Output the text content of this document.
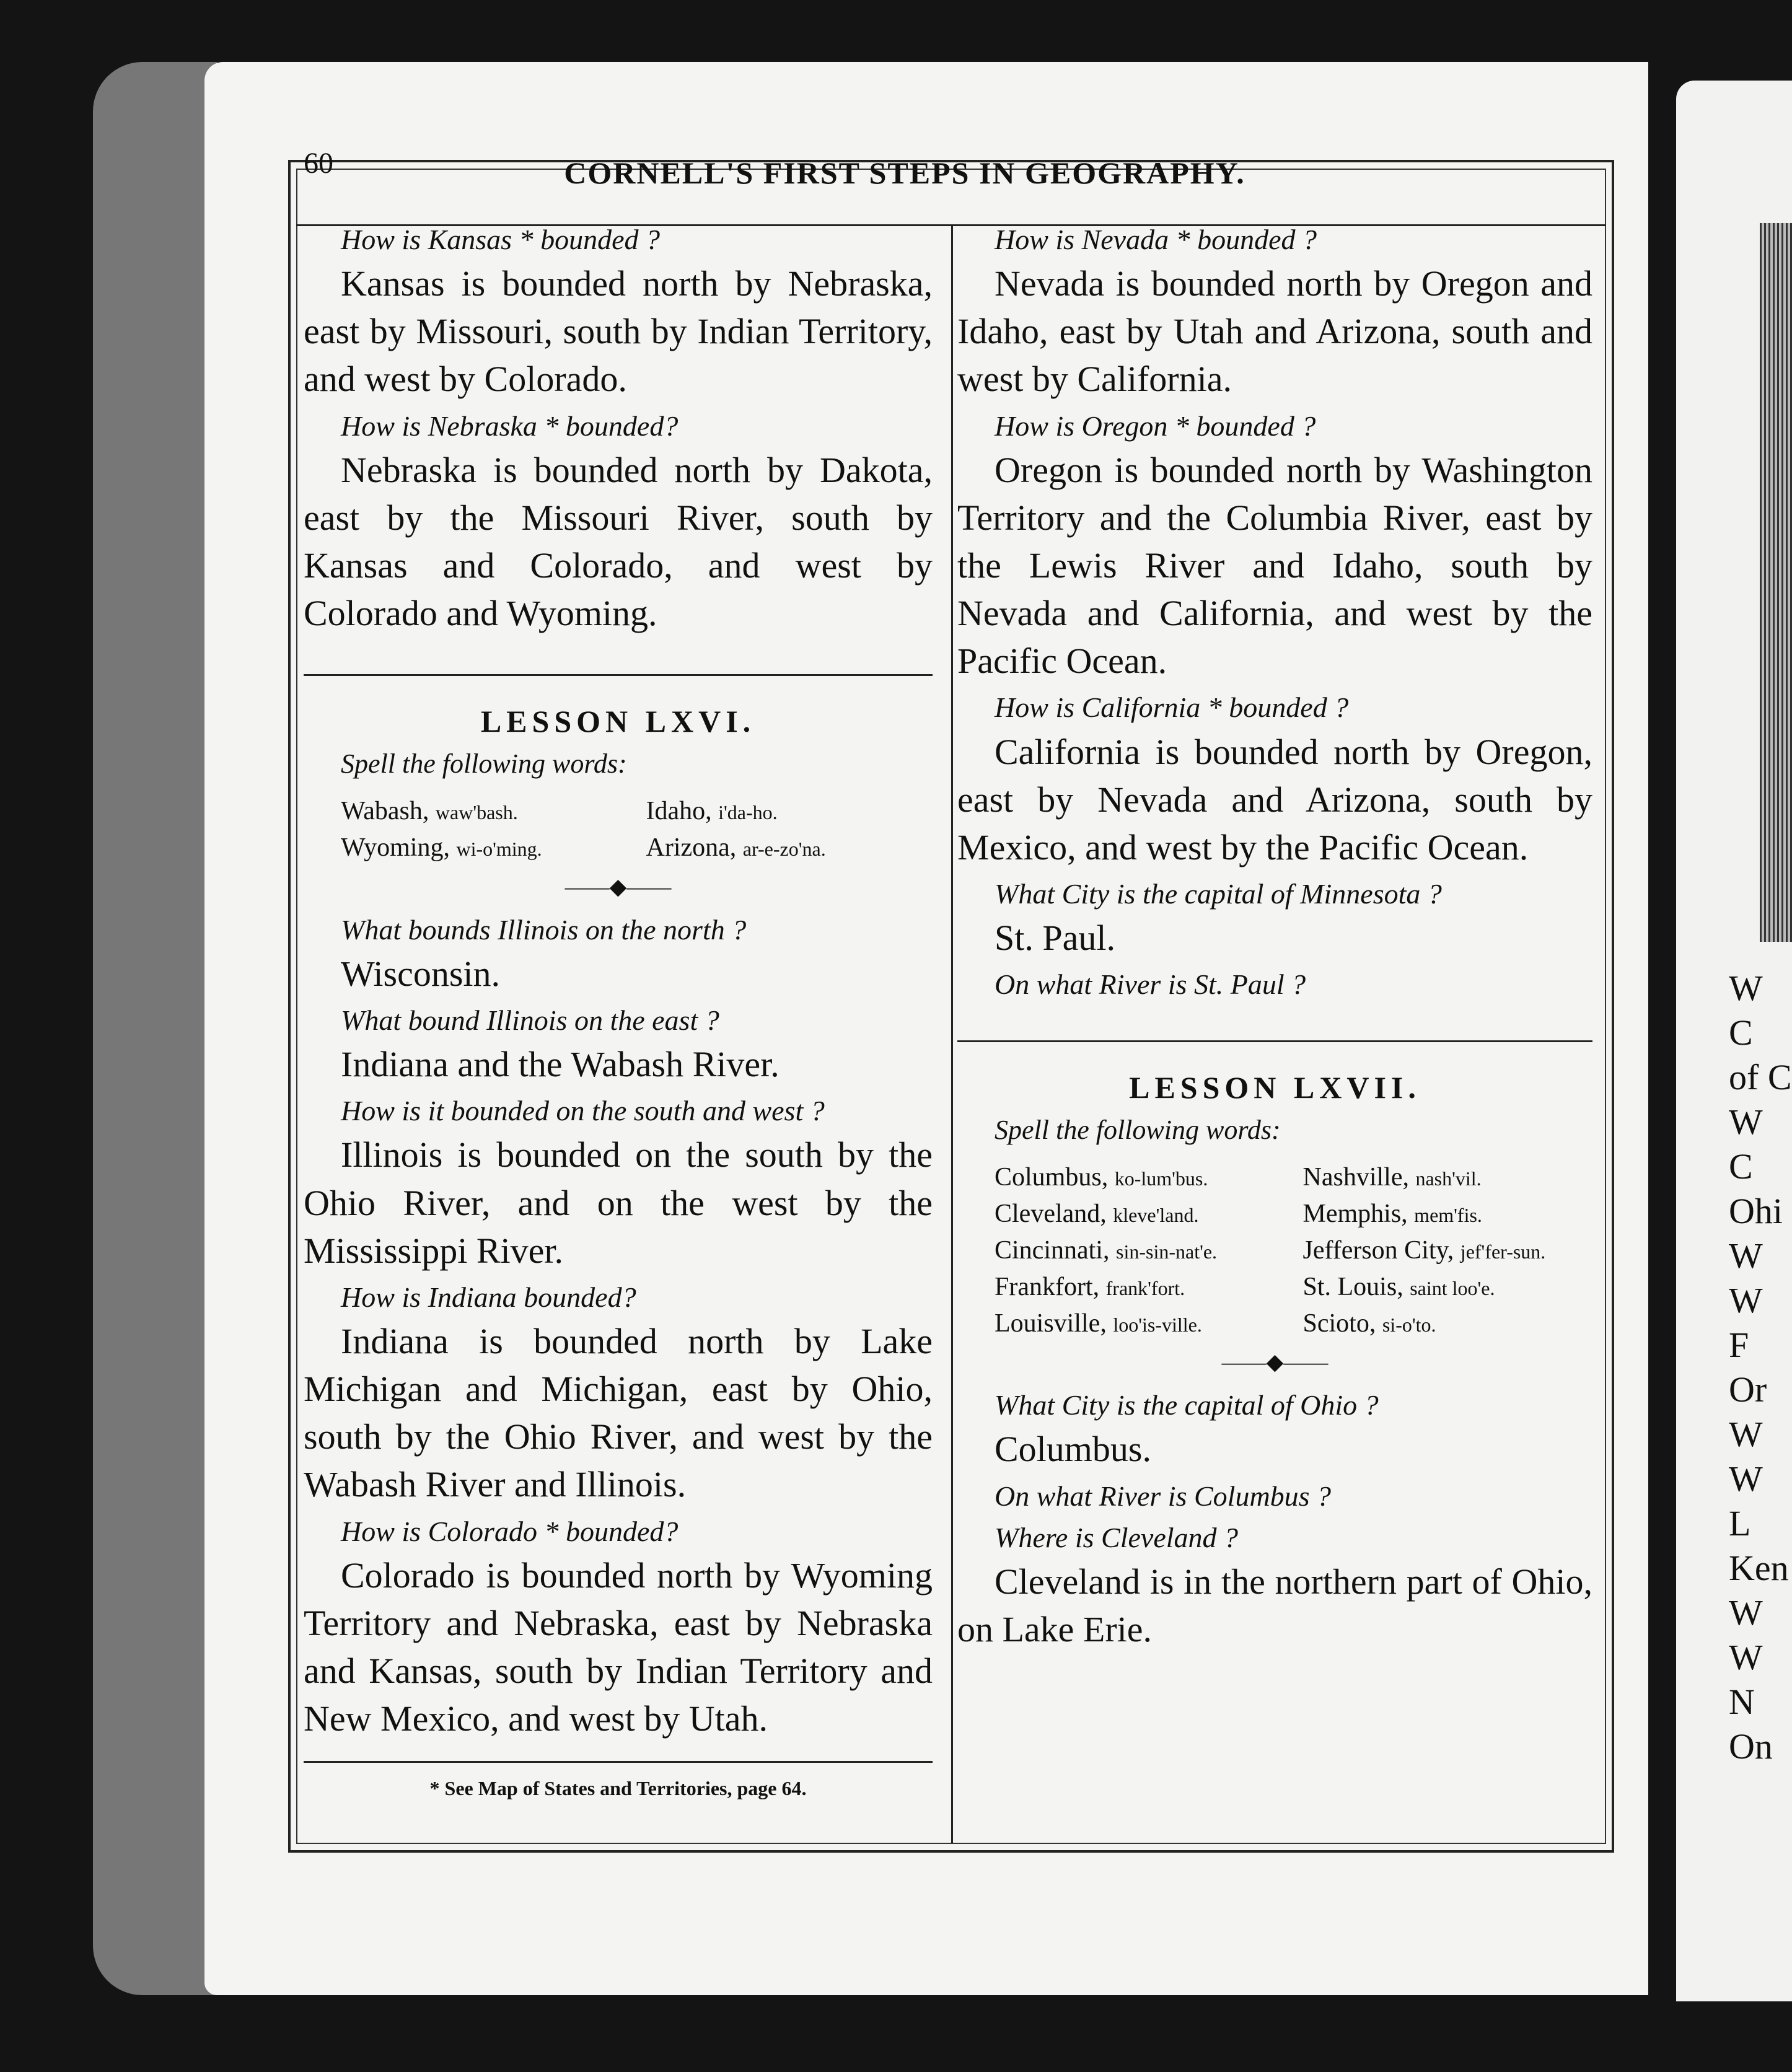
W
C
of C
W
C
Ohi
W
W
F
Or
W
W
L
Ken
W
W
N
On
60	CORNELL'S FIRST STEPS IN GEOGRAPHY.
How is Kansas * bounded ?

Kansas is bounded north by Nebraska, east by Missouri, south by Indian Territory, and west by Colorado.

How is Nebraska * bounded?

Nebraska is bounded north by Dakota, east by the Missouri River, south by Kansas and Colorado, and west by Colorado and Wyoming.

LESSON LXVI.
Spell the following words:
Wabash, waw'bash.	Idaho, i'da-ho.
Wyoming, wi-o'ming.	Arizona, ar-e-zo'na.
——◆——
What bounds Illinois on the north ?

Wisconsin.

What bound Illinois on the east ?

Indiana and the Wabash River.

How is it bounded on the south and west ?

Illinois is bounded on the south by the Ohio River, and on the west by the Mississippi River.

How is Indiana bounded?

Indiana is bounded north by Lake Michigan and Michigan, east by Ohio, south by the Ohio River, and west by the Wabash River and Illinois.

How is Colorado * bounded?

Colorado is bounded north by Wyoming Territory and Nebraska, east by Nebraska and Kansas, south by Indian Territory and New Mexico, and west by Utah.

* See Map of States and Territories, page 64.
How is Nevada * bounded ?

Nevada is bounded north by Oregon and Idaho, east by Utah and Arizona, south and west by California.

How is Oregon * bounded ?

Oregon is bounded north by Washington Territory and the Columbia River, east by the Lewis River and Idaho, south by Nevada and California, and west by the Pacific Ocean.

How is California * bounded ?

California is bounded north by Oregon, east by Nevada and Arizona, south by Mexico, and west by the Pacific Ocean.

What City is the capital of Minnesota ?

St. Paul.

On what River is St. Paul ?
LESSON LXVII.
Spell the following words:
Columbus, ko-lum'bus.	Nashville, nash'vil.
Cleveland, kleve'land.	Memphis, mem'fis.
Cincinnati, sin-sin-nat'e.	Jefferson City, jef'fer-sun.
Frankfort, frank'fort.	St. Louis, saint loo'e.
Louisville, loo'is-ville.	Scioto, si-o'to.
——◆——
What City is the capital of Ohio ?

Columbus.

On what River is Columbus ?
Where is Cleveland ?

Cleveland is in the northern part of Ohio, on Lake Erie.
